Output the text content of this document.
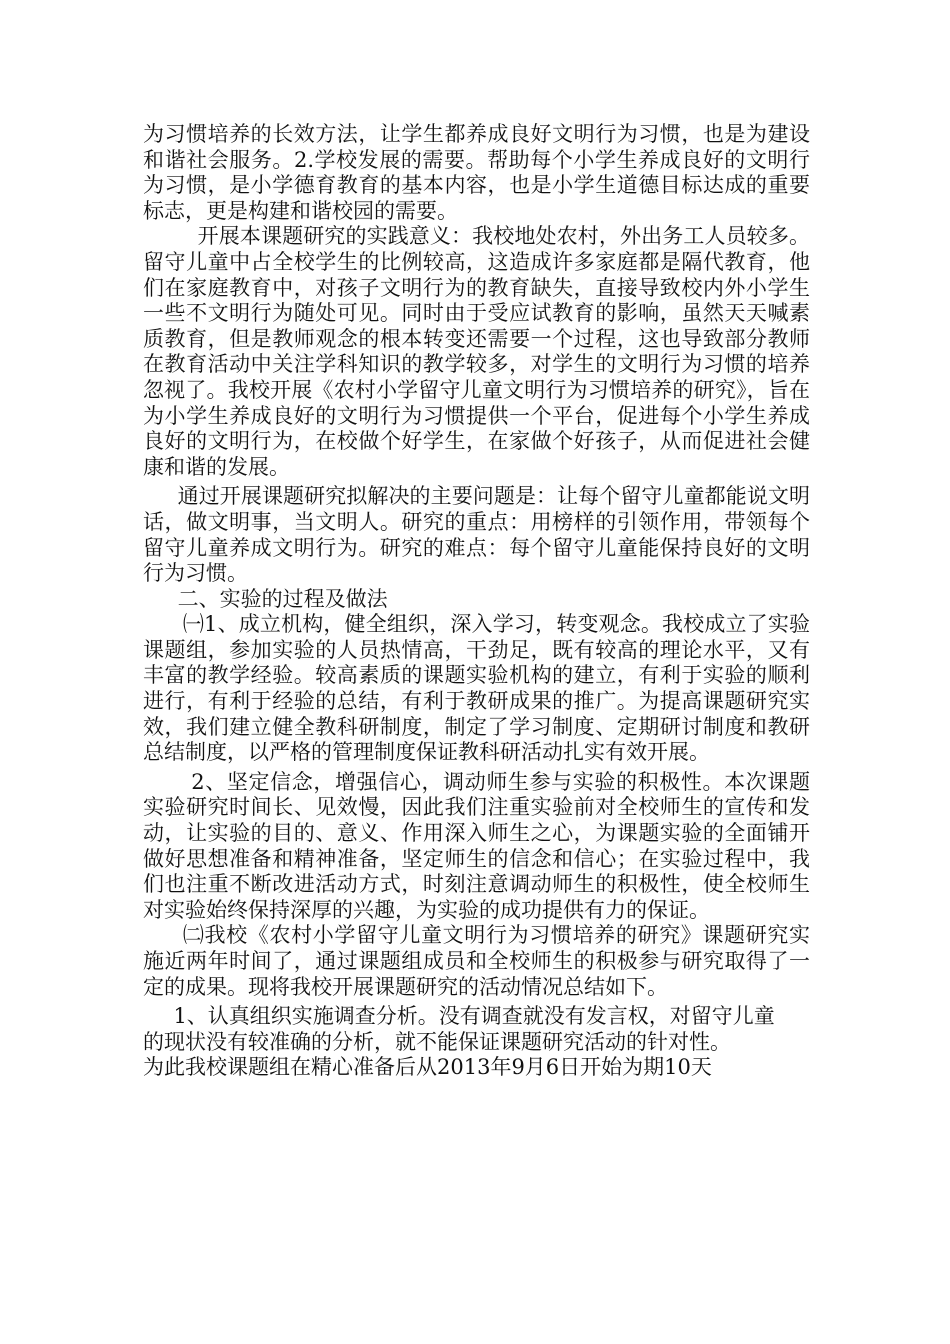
为习惯培养的长效方法，让学生都养成良好文明行为习惯，也是为建设和谐社会服务。2.学校发展的需要。帮助每个小学生养成良好的文明行为习惯，是小学德育教育的基本内容，也是小学生道德目标达成的重要标志，更是构建和谐校园的需要。

开展本课题研究的实践意义：我校地处农村，外出务工人员较多。留守儿童中占全校学生的比例较高，这造成许多家庭都是隔代教育，他们在家庭教育中，对孩子文明行为的教育缺失，直接导致校内外小学生一些不文明行为随处可见。同时由于受应试教育的影响，虽然天天喊素质教育，但是教师观念的根本转变还需要一个过程，这也导致部分教师在教育活动中关注学科知识的教学较多，对学生的文明行为习惯的培养忽视了。我校开展《农村小学留守儿童文明行为习惯培养的研究》，旨在为小学生养成良好的文明行为习惯提供一个平台，促进每个小学生养成良好的文明行为，在校做个好学生，在家做个好孩子，从而促进社会健康和谐的发展。

通过开展课题研究拟解决的主要问题是：让每个留守儿童都能说文明话，做文明事，当文明人。研究的重点：用榜样的引领作用，带领每个留守儿童养成文明行为。研究的难点：每个留守儿童能保持良好的文明行为习惯。

二、实验的过程及做法

㈠1、成立机构，健全组织，深入学习，转变观念。我校成立了实验课题组，参加实验的人员热情高，干劲足，既有较高的理论水平，又有丰富的教学经验。较高素质的课题实验机构的建立，有利于实验的顺利进行，有利于经验的总结，有利于教研成果的推广。为提高课题研究实效，我们建立健全教科研制度，制定了学习制度、定期研讨制度和教研总结制度，以严格的管理制度保证教科研活动扎实有效开展。

2、坚定信念，增强信心，调动师生参与实验的积极性。本次课题实验研究时间长、见效慢，因此我们注重实验前对全校师生的宣传和发动，让实验的目的、意义、作用深入师生之心，为课题实验的全面铺开做好思想准备和精神准备，坚定师生的信念和信心；在实验过程中，我们也注重不断改进活动方式，时刻注意调动师生的积极性，使全校师生对实验始终保持深厚的兴趣，为实验的成功提供有力的保证。

㈡我校《农村小学留守儿童文明行为习惯培养的研究》课题研究实施近两年时间了，通过课题组成员和全校师生的积极参与研究取得了一定的成果。现将我校开展课题研究的活动情况总结如下。

1、认真组织实施调查分析。没有调查就没有发言权，对留守儿童

的现状没有较准确的分析，就不能保证课题研究活动的针对性。

为此我校课题组在精心准备后从2013年9月6日开始为期10天
